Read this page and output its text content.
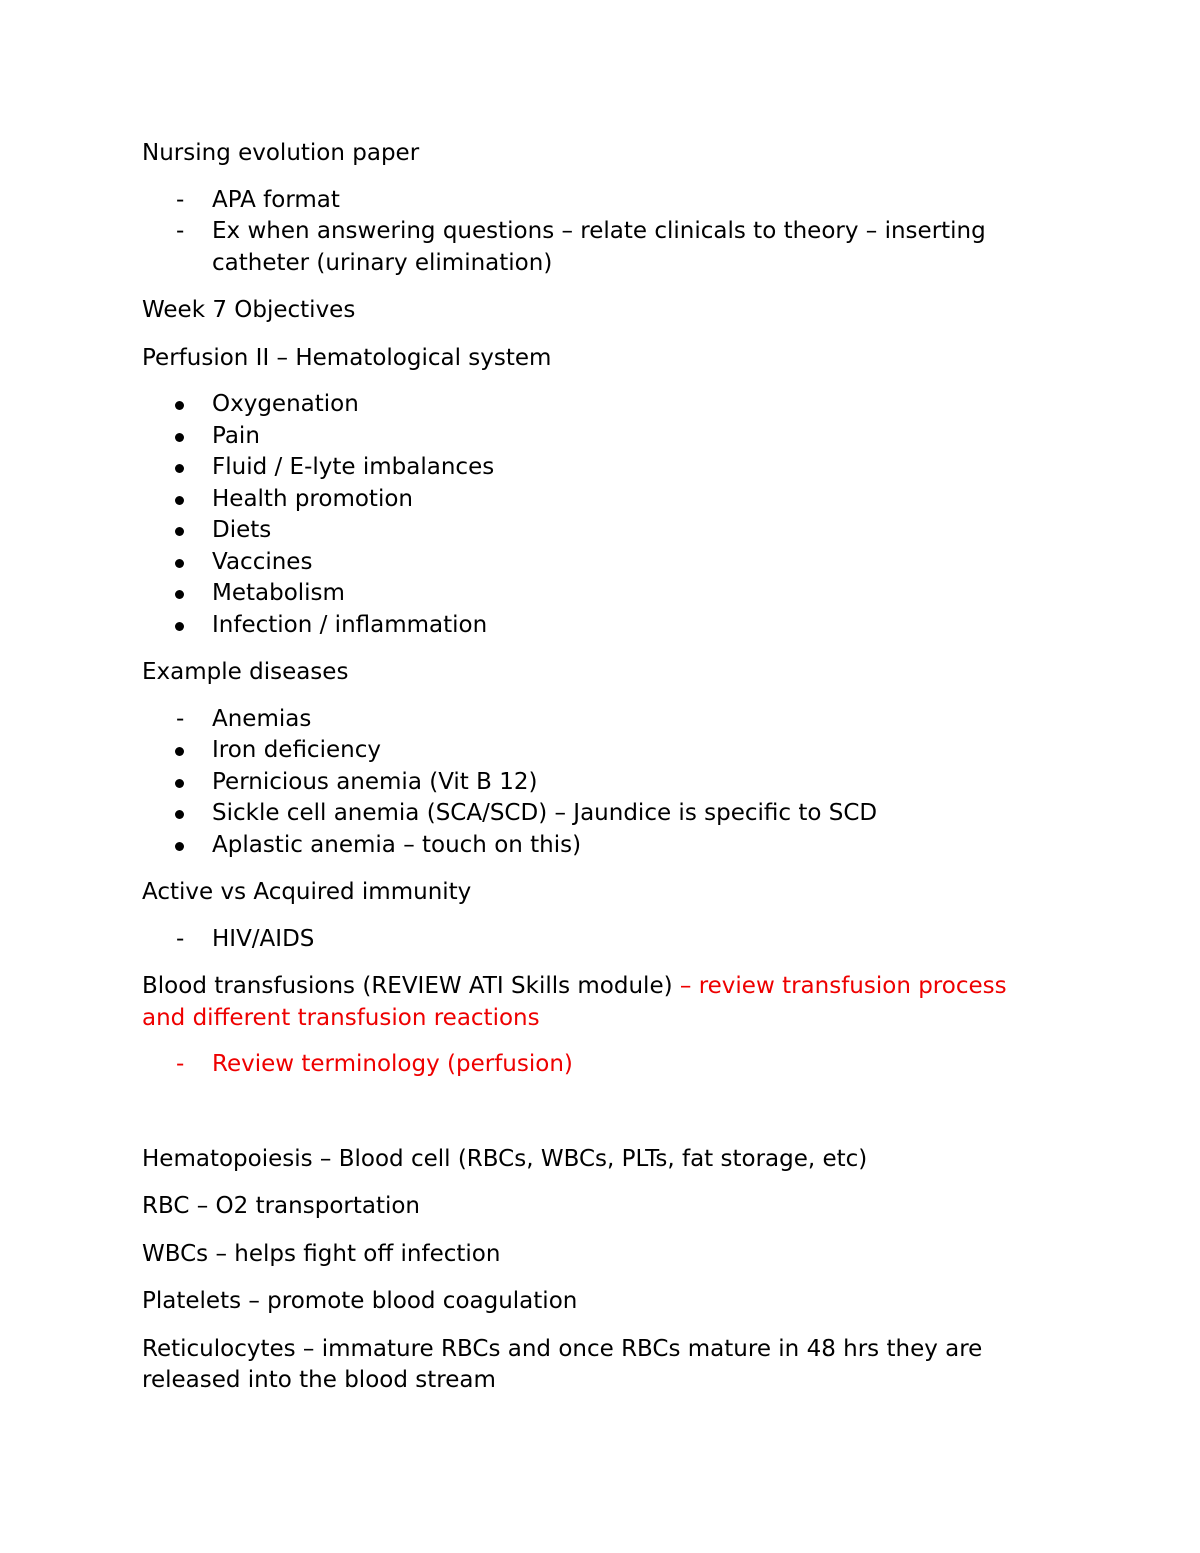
Nursing evolution paper

- APA format
- Ex when answering questions – relate clinicals to theory – inserting catheter (urinary elimination)

Week 7 Objectives

Perfusion II – Hematological system

Oxygenation
Pain
Fluid / E-lyte imbalances
Health promotion
Diets
Vaccines
Metabolism
Infection / inflammation

Example diseases

- Anemias
Iron deficiency
Pernicious anemia (Vit B 12)
Sickle cell anemia (SCA/SCD) – Jaundice is specific to SCD
Aplastic anemia – touch on this)

Active vs Acquired immunity

- HIV/AIDS

Blood transfusions (REVIEW ATI Skills module) – review transfusion process and different transfusion reactions

- Review terminology (perfusion)

Hematopoiesis – Blood cell (RBCs, WBCs, PLTs, fat storage, etc)

RBC – O2 transportation

WBCs – helps fight off infection

Platelets – promote blood coagulation

Reticulocytes – immature RBCs and once RBCs mature in 48 hrs they are released into the blood stream
